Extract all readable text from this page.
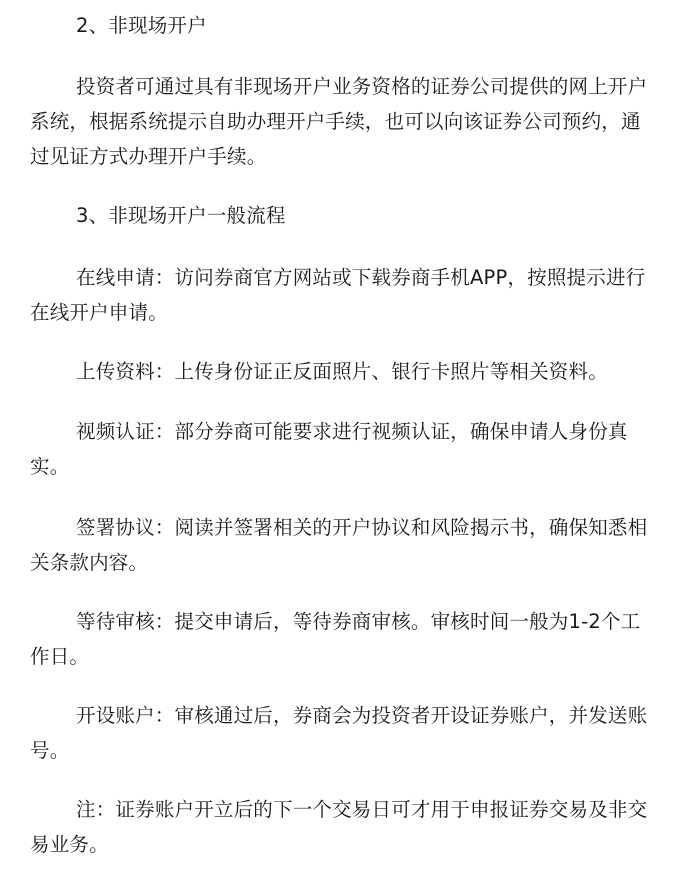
2、非现场开户

投资者可通过具有非现场开户业务资格的证券公司提供的网上开户系统，根据系统提示自助办理开户手续，也可以向该证券公司预约，通过见证方式办理开户手续。

3、非现场开户一般流程

在线申请：访问券商官方网站或下载券商手机APP，按照提示进行在线开户申请。

上传资料：上传身份证正反面照片、银行卡照片等相关资料。

视频认证：部分券商可能要求进行视频认证，确保申请人身份真实。

签署协议：阅读并签署相关的开户协议和风险揭示书，确保知悉相关条款内容。

等待审核：提交申请后，等待券商审核。审核时间一般为1-2个工作日。

开设账户：审核通过后，券商会为投资者开设证券账户，并发送账号。

注：证券账户开立后的下一个交易日可才用于申报证券交易及非交易业务。
